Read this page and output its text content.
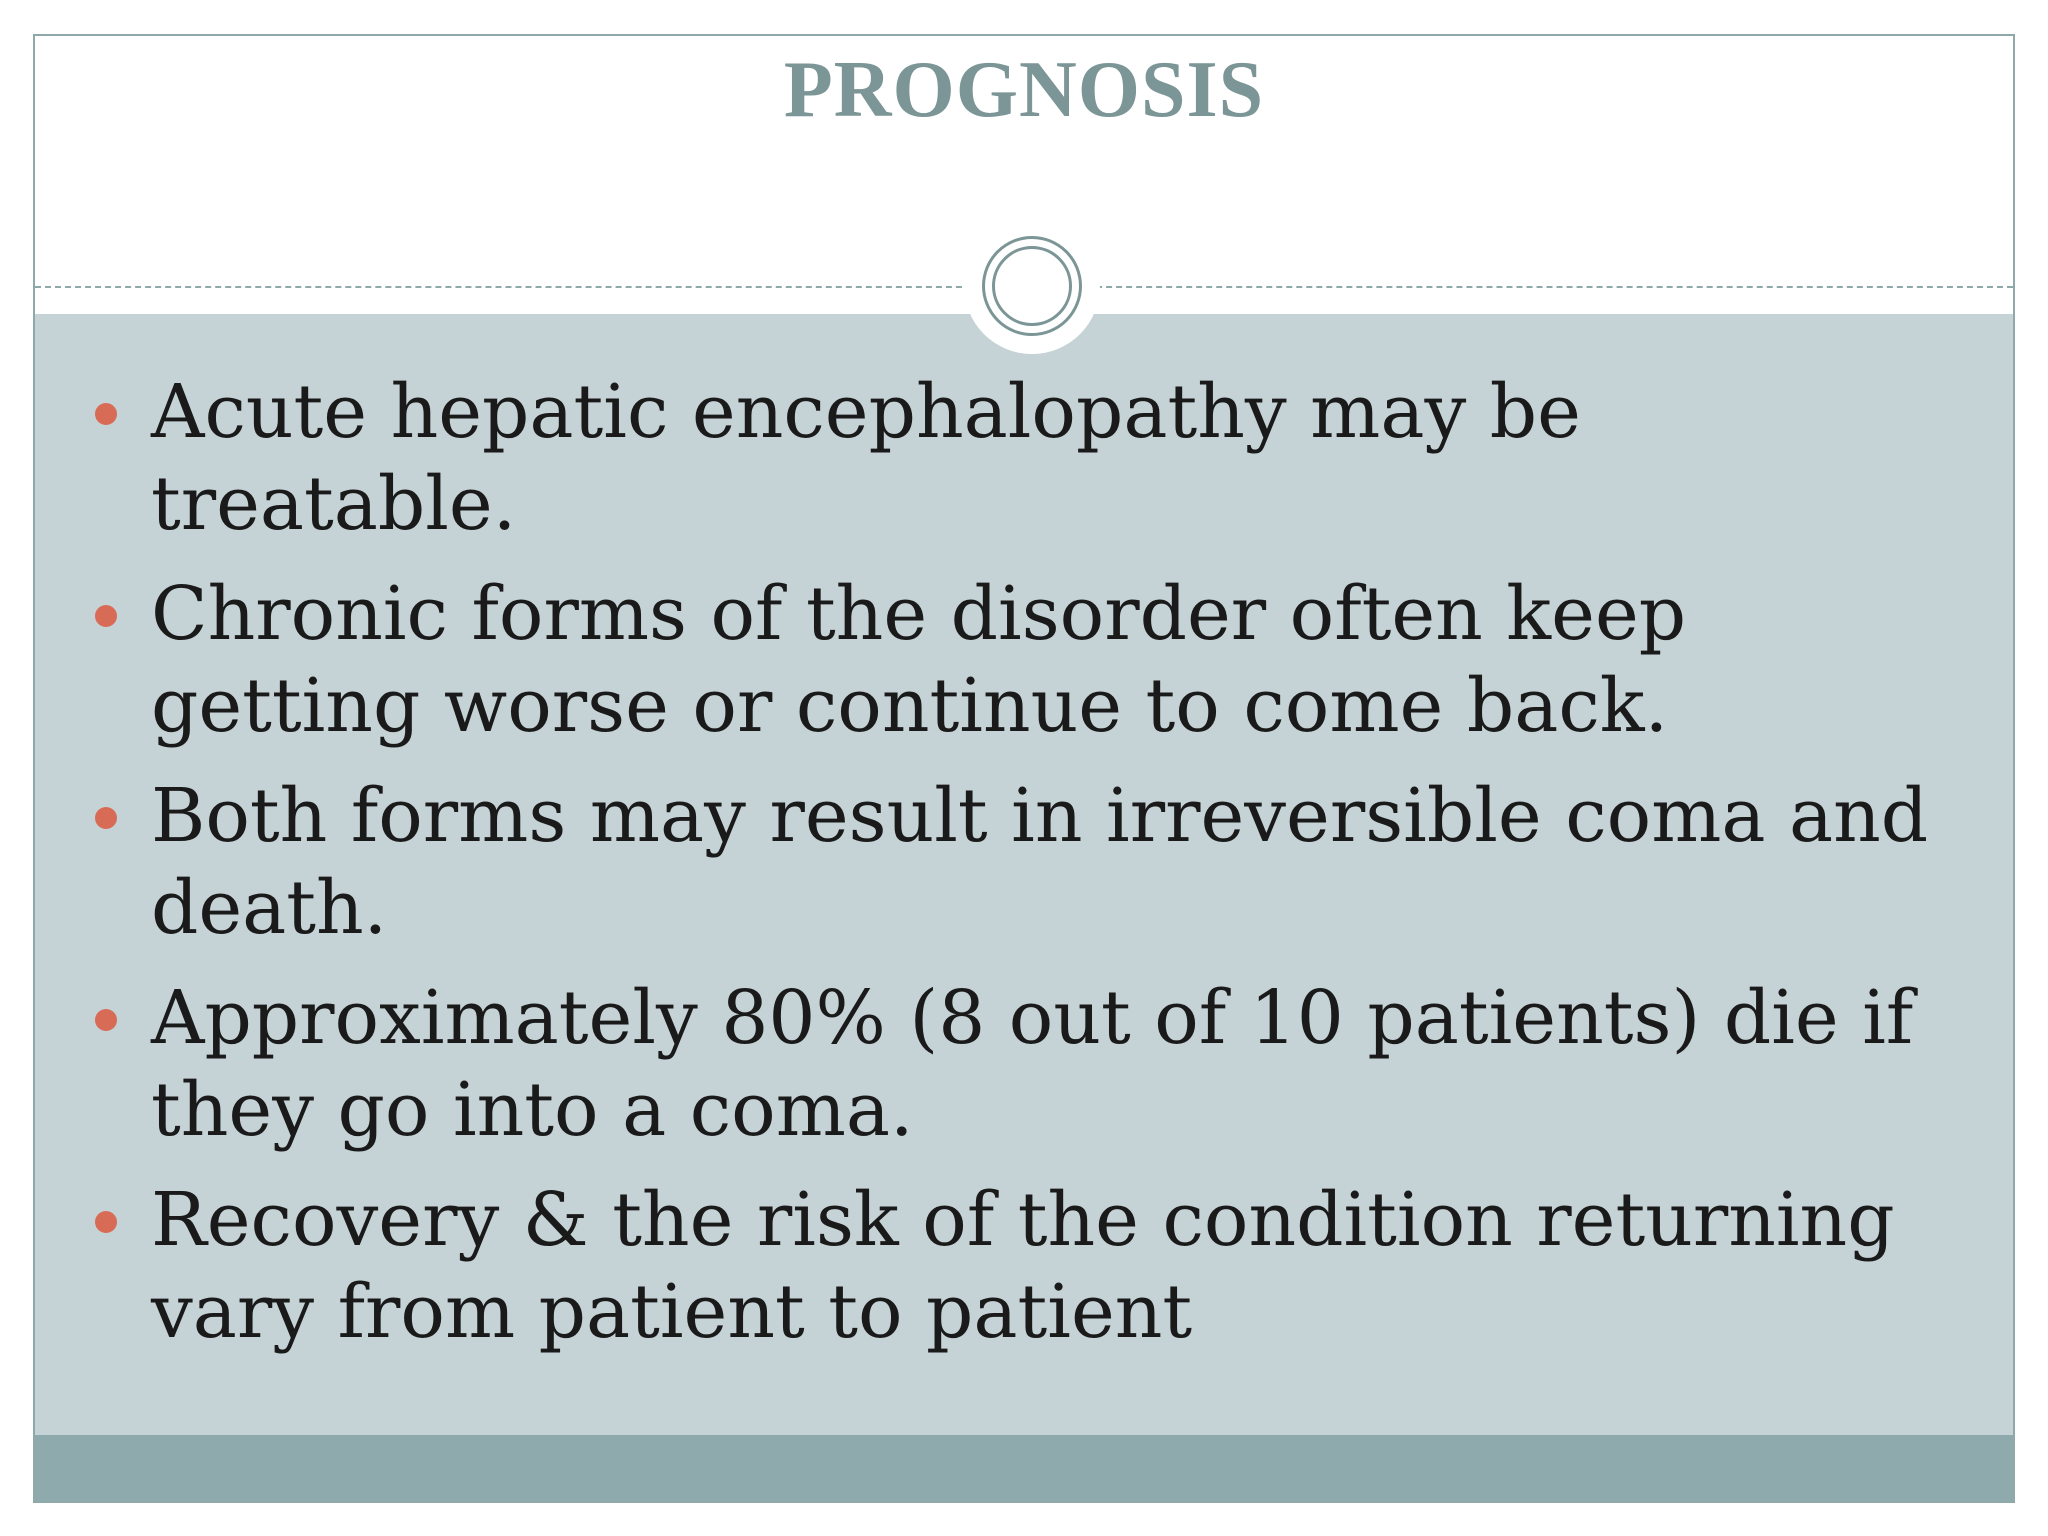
PROGNOSIS
Acute hepatic encephalopathy may be treatable.
Chronic forms of the disorder often keep getting worse or continue to come back.
Both forms may result in irreversible coma and death.
Approximately 80% (8 out of 10 patients) die if they go into a coma.
Recovery & the risk of the condition returning vary from patient to patient
